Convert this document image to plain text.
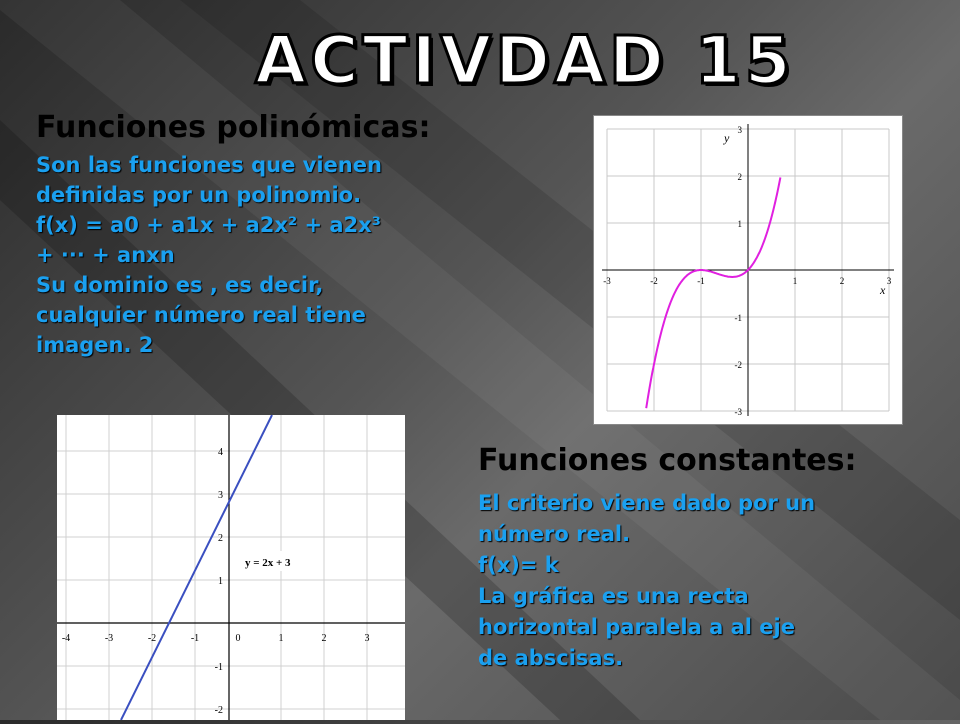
ACTIVDAD 15
Funciones polinómicas:
Son las funciones que vienen
definidas por un polinomio.
f(x) = a0 + a1x + a2x² + a2x³
+ ··· + anxn
Su dominio es , es decir,
cualquier número real tiene
imagen. 2
Funciones constantes:
El criterio viene dado por un
número real.
f(x)= k
La gráfica es una recta
horizontal paralela a al eje
de abscisas.
-3	-2	-1	1	2	3
3
2
1
-1
-2
-3
x
y
-4	-3	-2	-1	0	1	2	3
4
3
2
1
-1
-2
y = 2x + 3
